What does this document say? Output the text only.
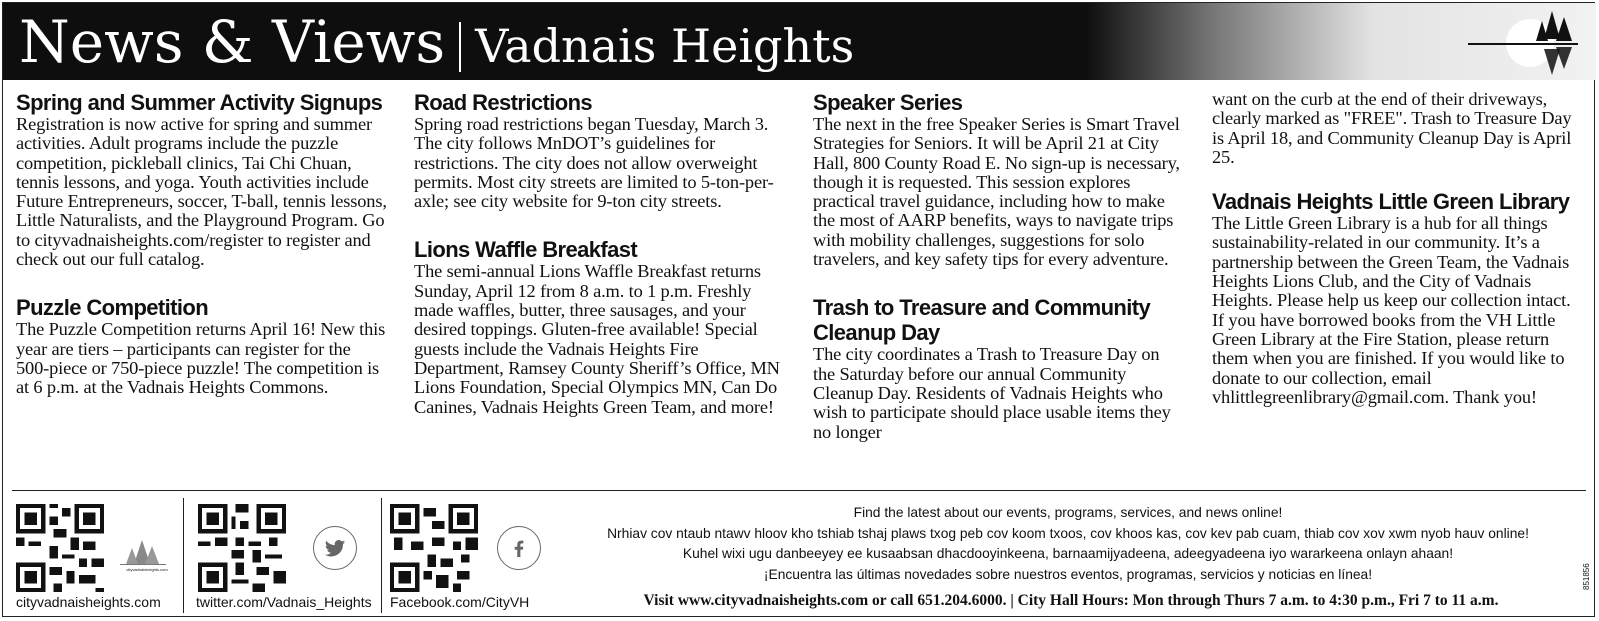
News & Views Vadnais Heights
Spring and Summer Activity Signups

Registration is now active for spring and summer activities. Adult programs include the puzzle competition, pickleball clinics, Tai Chi Chuan, tennis lessons, and yoga. Youth activities include Future Entrepreneurs, soccer, T-ball, tennis lessons, Little Naturalists, and the Playground Program. Go to cityvadnaisheights.com/register to register and check out our full catalog.

Puzzle Competition

The Puzzle Competition returns April 16! New this year are tiers – participants can register for the 500-piece or 750-piece puzzle! The competition is at 6 p.m. at the Vadnais Heights Commons.

Road Restrictions

Spring road restrictions began Tuesday, March 3. The city follows MnDOT’s guidelines for restrictions. The city does not allow overweight permits. Most city streets are limited to 5-ton-per-axle; see city website for 9-ton city streets.

Lions Waffle Breakfast

The semi-annual Lions Waffle Breakfast returns Sunday, April 12 from 8 a.m. to 1 p.m. Freshly made waffles, butter, three sausages, and your desired toppings. Gluten-free available! Special guests include the Vadnais Heights Fire Department, Ramsey County Sheriff’s Office, MN Lions Foundation, Special Olympics MN, Can Do Canines, Vadnais Heights Green Team, and more!

Speaker Series

The next in the free Speaker Series is Smart Travel Strategies for Seniors. It will be April 21 at City Hall, 800 County Road E. No sign-up is necessary, though it is requested. This session explores practical travel guidance, including how to make the most of AARP benefits, ways to navigate trips with mobility challenges, suggestions for solo travelers, and key safety tips for every adventure.

Trash to Treasure and Community Cleanup Day

The city coordinates a Trash to Treasure Day on the Saturday before our annual Community Cleanup Day. Residents of Vadnais Heights who wish to participate should place usable items they no longer

want on the curb at the end of their driveways, clearly marked as "FREE". Trash to Treasure Day is April 18, and Community Cleanup Day is April 25.

Vadnais Heights Little Green Library

The Little Green Library is a hub for all things sustainability-related in our community. It’s a partnership between the Green Team, the Vadnais Heights Lions Club, and the City of Vadnais Heights. Please help us keep our collection intact. If you have borrowed books from the VH Little Green Library at the Fire Station, please return them when you are finished. If you would like to donate to our collection, email vhlittlegreenlibrary@gmail.com. Thank you!

cityvadnaisheights.com
cityvadnaisheights.com	twitter.com/Vadnais_Heights Facebook.com/CityVH
Find the latest about our events, programs, services, and news online!
Nrhiav cov ntaub ntawv hloov kho tshiab tshaj plaws txog peb cov koom txoos, cov khoos kas, cov kev pab cuam, thiab cov xov xwm nyob hauv online!
Kuhel wixi ugu danbeeyey ee kusaabsan dhacdooyinkeena, barnaamijyadeena, adeegyadeena iyo wararkeena onlayn ahaan!
¡Encuentra las últimas novedades sobre nuestros eventos, programas, servicios y noticias en línea!
Visit www.cityvadnaisheights.com or call 651.204.6000. | City Hall Hours: Mon through Thurs 7 a.m. to 4:30 p.m., Fri 7 to 11 a.m.
851856
